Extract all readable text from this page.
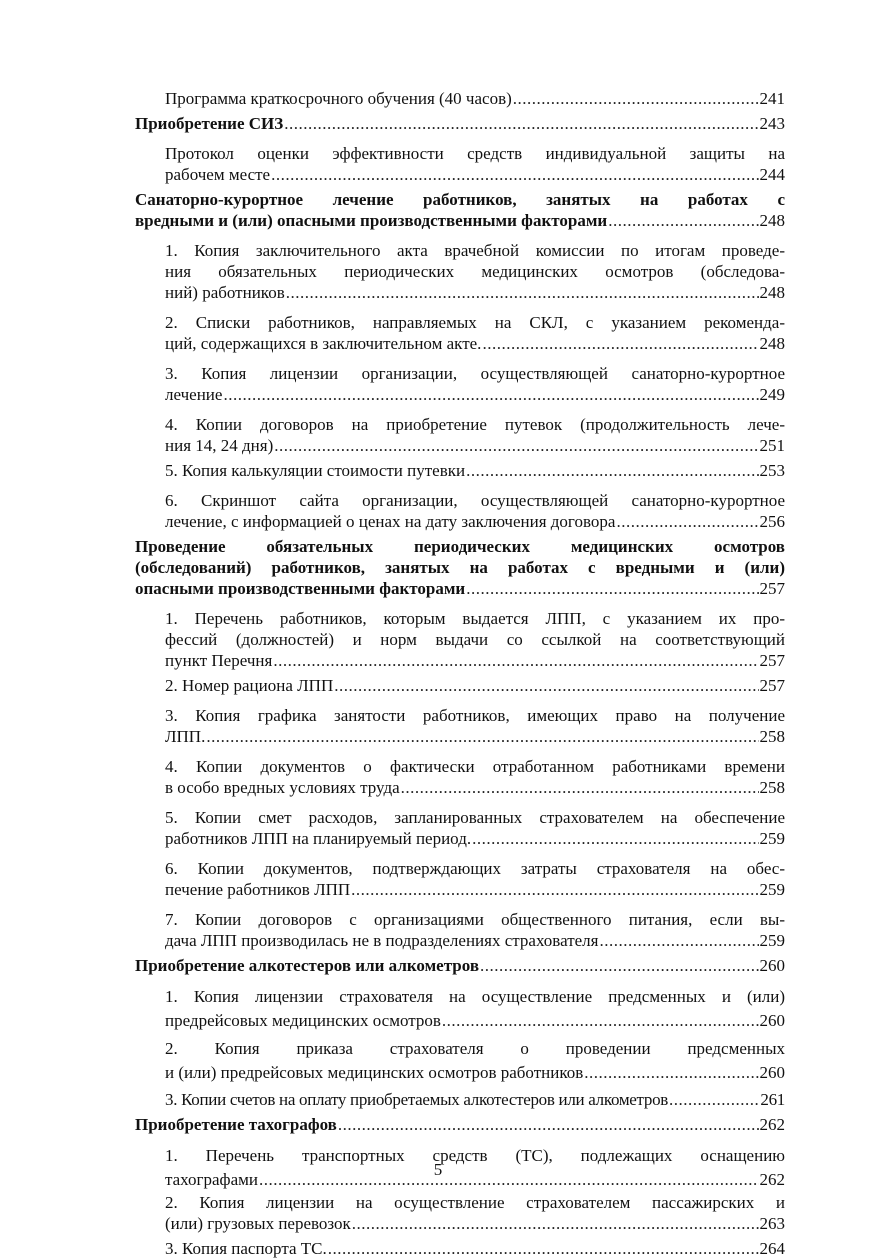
Программа краткосрочного обучения (40 часов) .....	241
Приобретение СИЗ .....	243
Протокол оценки эффективности средств индивидуальной защиты на
рабочем месте .....	244
Санаторно-курортное лечение работников, занятых на работах с
вредными и (или) опасными производственными факторами .....	248
1. Копия заключительного акта врачебной комиссии по итогам проведе-
ния обязательных периодических медицинских осмотров (обследова-
ний) работников .....	248
2. Списки работников, направляемых на СКЛ, с указанием рекоменда-
ций, содержащихся в заключительном акте. .....	248
3. Копия лицензии организации, осуществляющей санаторно-курортное
лечение .....	249
4. Копии договоров на приобретение путевок (продолжительность лече-
ния 14, 24 дня) .....	251
5. Копия калькуляции стоимости путевки .....	253
6. Скриншот сайта организации, осуществляющей санаторно-курортное
лечение, с информацией о ценах на дату заключения договора .....	256
Проведение обязательных периодических медицинских осмотров
(обследований) работников, занятых на работах с вредными и (или)
опасными производственными факторами .....	257
1. Перечень работников, которым выдается ЛПП, с указанием их про-
фессий (должностей) и норм выдачи со ссылкой на соответствующий
пункт Перечня .....	257
2. Номер рациона ЛПП .....	257
3. Копия графика занятости работников, имеющих право на получение
ЛПП. .....	258
4. Копии документов о фактически отработанном работниками времени
в особо вредных условиях труда .....	258
5. Копии смет расходов, запланированных страхователем на обеспечение
работников ЛПП на планируемый период. .....	259
6. Копии документов, подтверждающих затраты страхователя на обес-
печение работников ЛПП .....	259
7. Копии договоров с организациями общественного питания, если вы-
дача ЛПП производилась не в подразделениях страхователя .....	259
Приобретение алкотестеров или алкометров .....	260
1. Копия лицензии страхователя на осуществление предсменных и (или)
предрейсовых медицинских осмотров .....	260
2. Копия приказа страхователя о проведении предсменных
и (или) предрейсовых медицинских осмотров работников .....	260
3. Копии счетов на оплату приобретаемых алкотестеров или алкометров .....	261
Приобретение тахографов .....	262
1. Перечень транспортных средств (ТС), подлежащих оснащению
тахографами .....	262
2. Копия лицензии на осуществление страхователем пассажирских и
(или) грузовых перевозок .....	263
3. Копия паспорта ТС. .....	264
5
